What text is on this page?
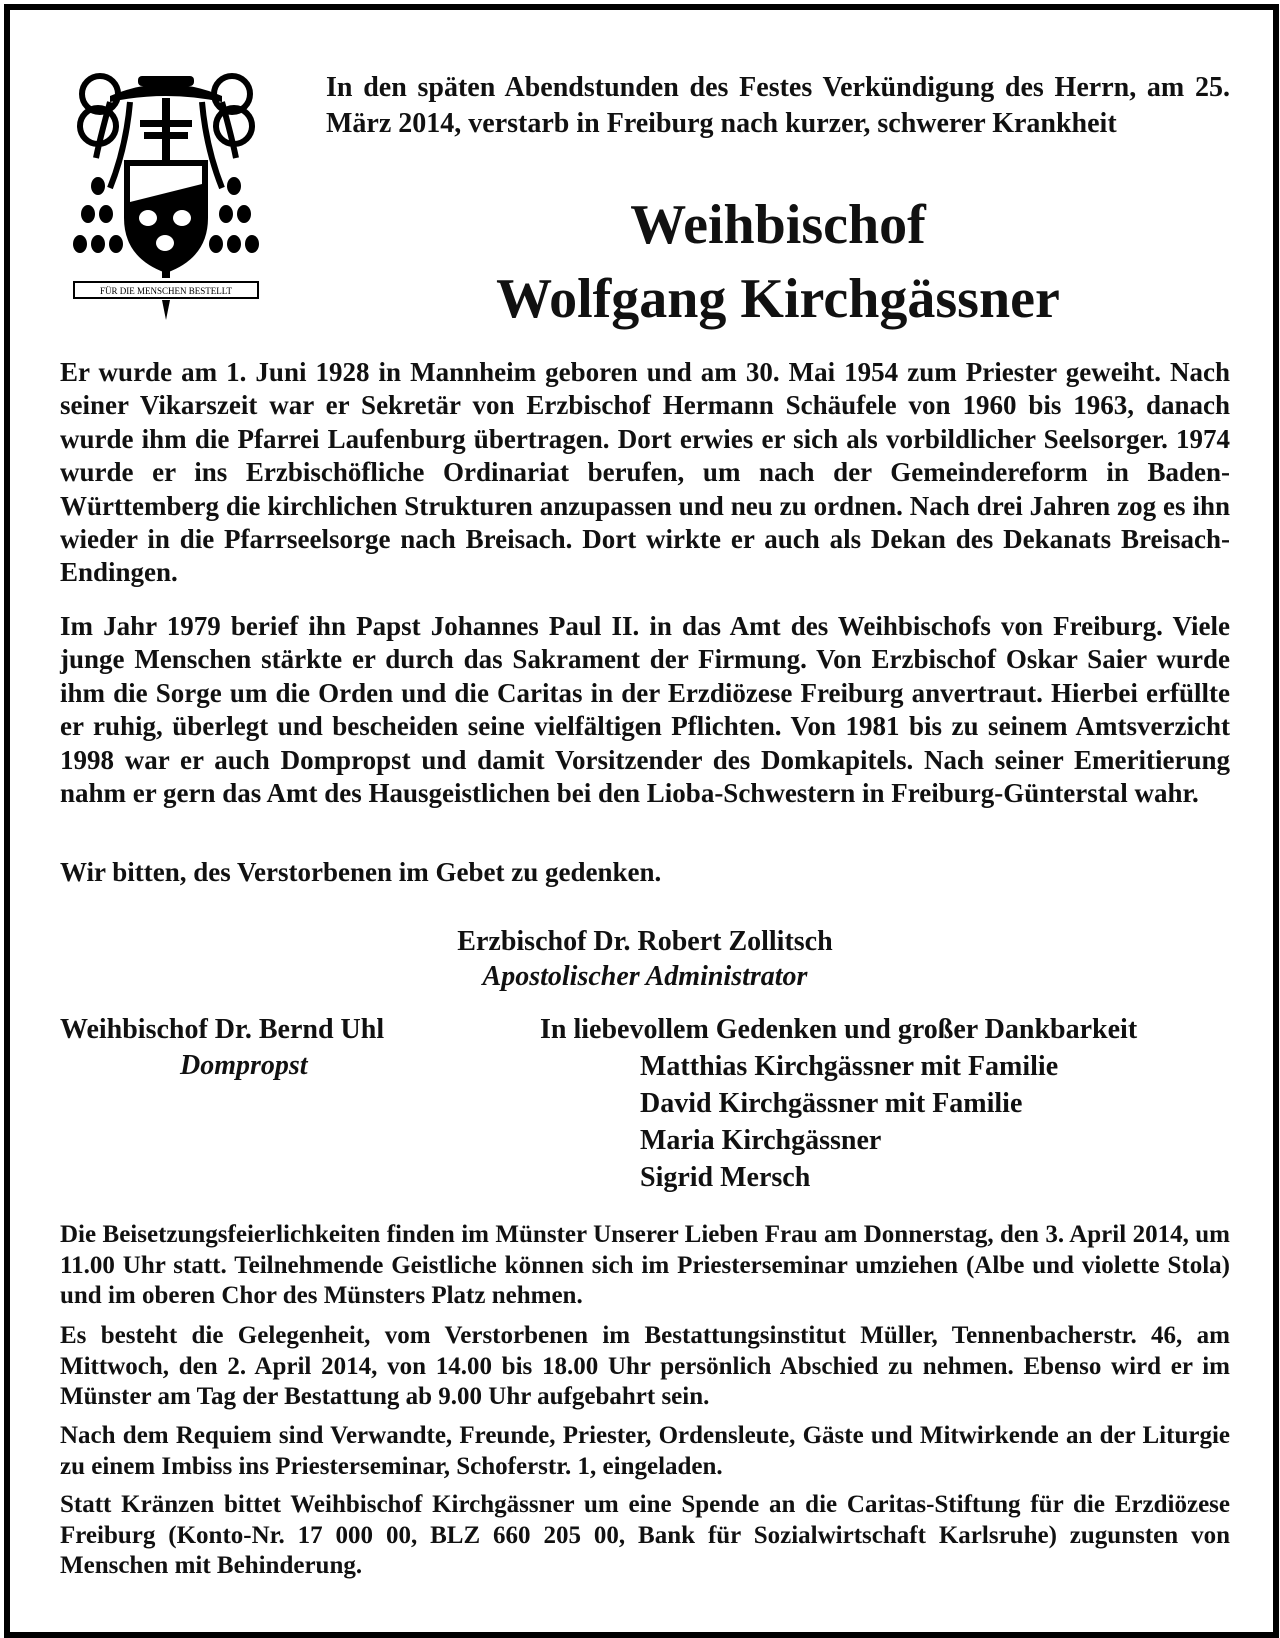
FÜR DIE MENSCHEN BESTELLT
In den späten Abendstunden des Festes Verkündigung des Herrn, am 25. März 2014, verstarb in Freiburg nach kurzer, schwerer Krankheit
Weihbischof
Wolfgang Kirchgässner
Er wurde am 1. Juni 1928 in Mannheim geboren und am 30. Mai 1954 zum Priester geweiht. Nach seiner Vikarszeit war er Sekretär von Erzbischof Hermann Schäufele von 1960 bis 1963, danach wurde ihm die Pfarrei Laufenburg übertragen. Dort erwies er sich als vorbildlicher Seelsorger. 1974 wurde er ins Erzbischöfliche Ordinariat berufen, um nach der Gemeindereform in Baden-Württemberg die kirchlichen Strukturen anzupassen und neu zu ordnen. Nach drei Jahren zog es ihn wieder in die Pfarrseelsorge nach Breisach. Dort wirkte er auch als Dekan des Dekanats Breisach-Endingen.
Im Jahr 1979 berief ihn Papst Johannes Paul II. in das Amt des Weihbischofs von Freiburg. Viele junge Menschen stärkte er durch das Sakrament der Firmung. Von Erzbischof Oskar Saier wurde ihm die Sorge um die Orden und die Caritas in der Erzdiözese Freiburg anvertraut. Hierbei erfüllte er ruhig, überlegt und bescheiden seine vielfältigen Pflichten. Von 1981 bis zu seinem Amtsverzicht 1998 war er auch Dompropst und damit Vorsitzender des Domkapitels. Nach seiner Emeritierung nahm er gern das Amt des Hausgeistlichen bei den Lioba-Schwestern in Freiburg-Günterstal wahr.
Wir bitten, des Verstorbenen im Gebet zu gedenken.
Erzbischof Dr. Robert Zollitsch
Apostolischer Administrator
Weihbischof Dr. Bernd Uhl
Dompropst
In liebevollem Gedenken und großer Dankbarkeit
Matthias Kirchgässner mit Familie
David Kirchgässner mit Familie
Maria Kirchgässner
Sigrid Mersch
Die Beisetzungsfeierlichkeiten finden im Münster Unserer Lieben Frau am Donnerstag, den 3. April 2014, um 11.00 Uhr statt. Teilnehmende Geistliche können sich im Priesterseminar umziehen (Albe und violette Stola) und im oberen Chor des Münsters Platz nehmen.
Es besteht die Gelegenheit, vom Verstorbenen im Bestattungsinstitut Müller, Tennenbacherstr. 46, am Mittwoch, den 2. April 2014, von 14.00 bis 18.00 Uhr persönlich Abschied zu nehmen. Ebenso wird er im Münster am Tag der Bestattung ab 9.00 Uhr aufgebahrt sein.
Nach dem Requiem sind Verwandte, Freunde, Priester, Ordensleute, Gäste und Mitwirkende an der Liturgie zu einem Imbiss ins Priesterseminar, Schoferstr. 1, eingeladen.
Statt Kränzen bittet Weihbischof Kirchgässner um eine Spende an die Caritas-Stiftung für die Erzdiözese Freiburg (Konto-Nr. 17 000 00, BLZ 660 205 00, Bank für Sozialwirtschaft Karlsruhe) zugunsten von Menschen mit Behinderung.
